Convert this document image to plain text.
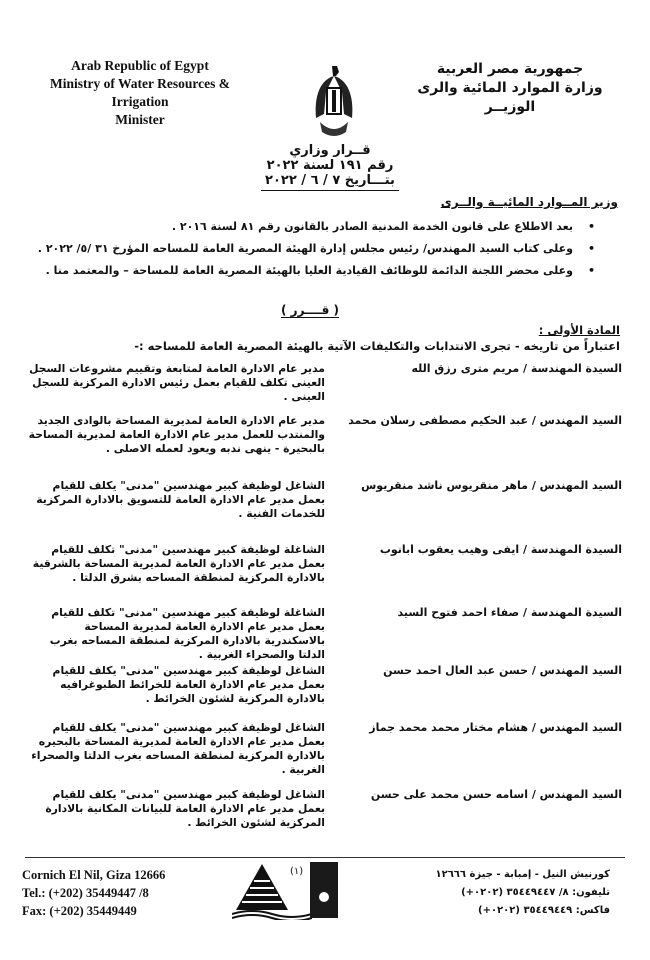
جمهورية مصر العربية
وزارة الموارد المائية والرى
الوزيــر
Arab Republic of Egypt
Ministry of Water Resources & Irrigation
Minister
قــرار وزاري
رقم ١٩١ لسنة ٢٠٢٢
بتـــاريخ ٧ / ٦ / ٢٠٢٢
وزير المــوارد المائيــة والــرى
•
بعد الاطلاع على قانون الخدمة المدنية الصادر بالقانون رقم ٨١ لسنة ٢٠١٦ .
•
وعلى كتاب السيد المهندس/ رئيس مجلس إدارة الهيئة المصرية العامة للمساحه المؤرخ ٣١ /٥/ ٢٠٢٢ .
•
وعلى محضر اللجنة الدائمة للوظائف القيادية العليا بالهيئة المصرية العامة للمساحة – والمعتمد منا .
( قــــرر )
المادة الأولى :
اعتباراً من تاريخه - تجرى الانتدابات والتكليفات الآتية بالهيئة المصرية العامة للمساحه :-
السيدة المهندسة / مريم مترى رزق الله
مدير عام الادارة العامة لمتابعة وتقييم مشروعات السجل العينى تكلف للقيام بعمل رئيس الادارة المركزية للسجل العينى .
السيد المهندس / عبد الحكيم مصطفى رسلان محمد
مدير عام الادارة العامة لمديرية المساحة بالوادى الجديد والمنتدب للعمل مدير عام الادارة العامة لمديرية المساحة بالبحيرة - ينهى ندبه ويعود لعمله الاصلى .
السيد المهندس / ماهر منقريوس ناشد منقريوس
الشاغل لوظيفة كبير مهندسين "مدنى" يكلف للقيام بعمل مدير عام الادارة العامة للتسويق بالادارة المركزية للخدمات الفنية .
السيدة المهندسة / ايفى وهيب يعقوب ابانوب
الشاغلة لوظيفة كبير مهندسين "مدنى" تكلف للقيام بعمل مدير عام الادارة العامة لمديرية المساحة بالشرقية بالادارة المركزية لمنطقة المساحه بشرق الدلتا .
السيدة المهندسة / صفاء احمد فتوح السيد
الشاغلة لوظيفة كبير مهندسين "مدنى" تكلف للقيام بعمل مدير عام الادارة العامة لمديرية المساحة بالاسكندرية بالادارة المركزية لمنطقة المساحه بغرب الدلتا والصحراء الغربية .
السيد المهندس / حسن عبد العال احمد حسن
الشاغل لوظيفة كبير مهندسين "مدنى" يكلف للقيام بعمل مدير عام الادارة العامة للخرائط الطبوغرافيه بالادارة المركزية لشئون الخرائط .
السيد المهندس / هشام مختار محمد محمد جماز
الشاغل لوظيفة كبير مهندسين "مدنى" يكلف للقيام بعمل مدير عام الادارة العامة لمديرية المساحة بالبحيره بالادارة المركزية لمنطقة المساحه بغرب الدلتا والصحراء الغربية .
السيد المهندس / اسامه حسن محمد على حسن
الشاغل لوظيفة كبير مهندسين "مدنى" يكلف للقيام بعمل مدير عام الادارة العامة للبيانات المكانية بالادارة المركزية لشئون الخرائط .
Cornich El Nil, Giza 12666
Tel.: (+202) 35449447 /8
Fax: (+202) 35449449
(١)	كورنيش النيل - إمبابة - جيزة ١٢٦٦٦
تليفون: ٨/ ٣٥٤٤٩٤٤٧ (٠٢٠٢+)
فاكس: ٣٥٤٤٩٤٤٩ (٠٢٠٢+)
